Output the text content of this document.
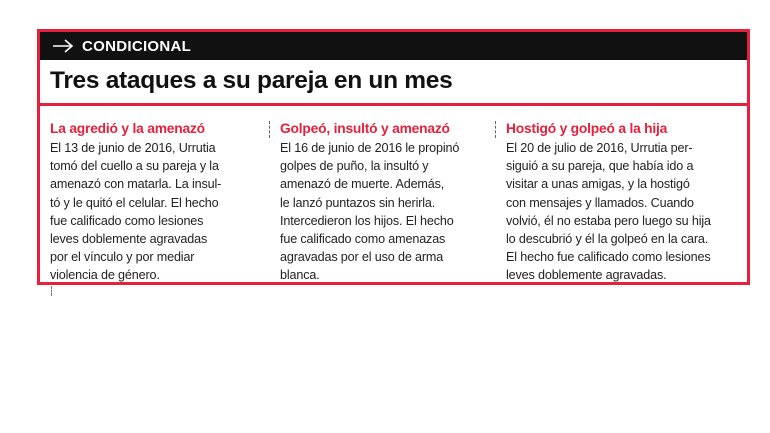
CONDICIONAL
Tres ataques a su pareja en un mes
La agredió y la amenazó

El 13 de junio de 2016, Urrutia
tomó del cuello a su pareja y la
amenazó con matarla. La insul-
tó y le quitó el celular. El hecho
fue calificado como lesiones
leves doblemente agravadas
por el vínculo y por mediar
violencia de género.

Golpeó, insultó y amenazó

El 16 de junio de 2016 le propinó
golpes de puño, la insultó y
amenazó de muerte. Además,
le lanzó puntazos sin herirla.
Intercedieron los hijos. El hecho
fue calificado como amenazas
agravadas por el uso de arma
blanca.

Hostigó y golpeó a la hija

El 20 de julio de 2016, Urrutia per-
siguió a su pareja, que había ido a
visitar a unas amigas, y la hostigó
con mensajes y llamados. Cuando
volvió, él no estaba pero luego su hija
lo descubrió y él la golpeó en la cara.
El hecho fue calificado como lesiones
leves doblemente agravadas.
